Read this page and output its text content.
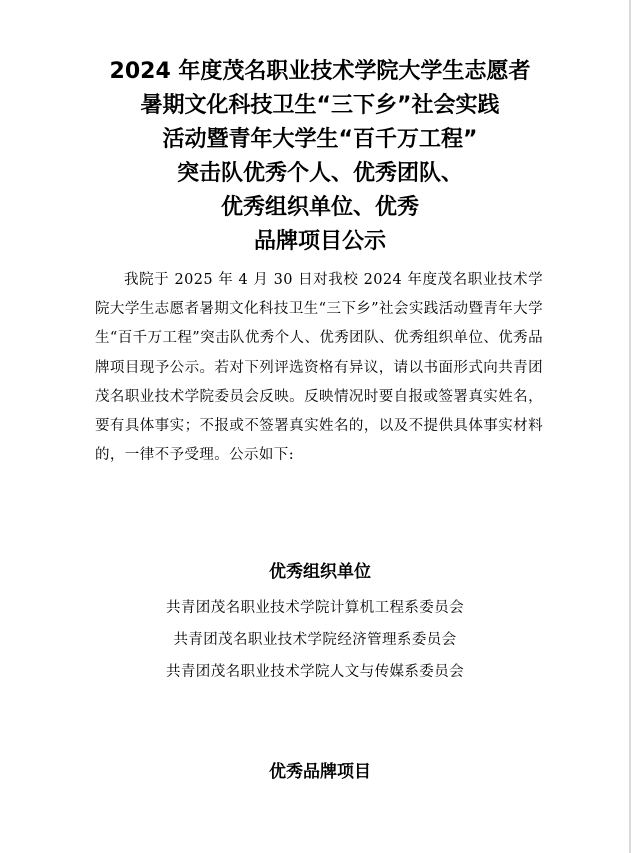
2024 年度茂名职业技术学院大学生志愿者
暑期文化科技卫生“三下乡”社会实践
活动暨青年大学生“百千万工程”
突击队优秀个人、优秀团队、
优秀组织单位、优秀
品牌项目公示

我院于 2025 年 4 月 30 日对我校 2024 年度茂名职业技术学院大学生志愿者暑期文化科技卫生“三下乡”社会实践活动暨青年大学生“百千万工程”突击队优秀个人、优秀团队、优秀组织单位、优秀品牌项目现予公示。若对下列评选资格有异议，请以书面形式向共青团茂名职业技术学院委员会反映。反映情况时要自报或签署真实姓名，要有具体事实；不报或不签署真实姓名的，以及不提供具体事实材料的，一律不予受理。公示如下:

优秀组织单位
共青团茂名职业技术学院计算机工程系委员会
共青团茂名职业技术学院经济管理系委员会
共青团茂名职业技术学院人文与传媒系委员会
优秀品牌项目
